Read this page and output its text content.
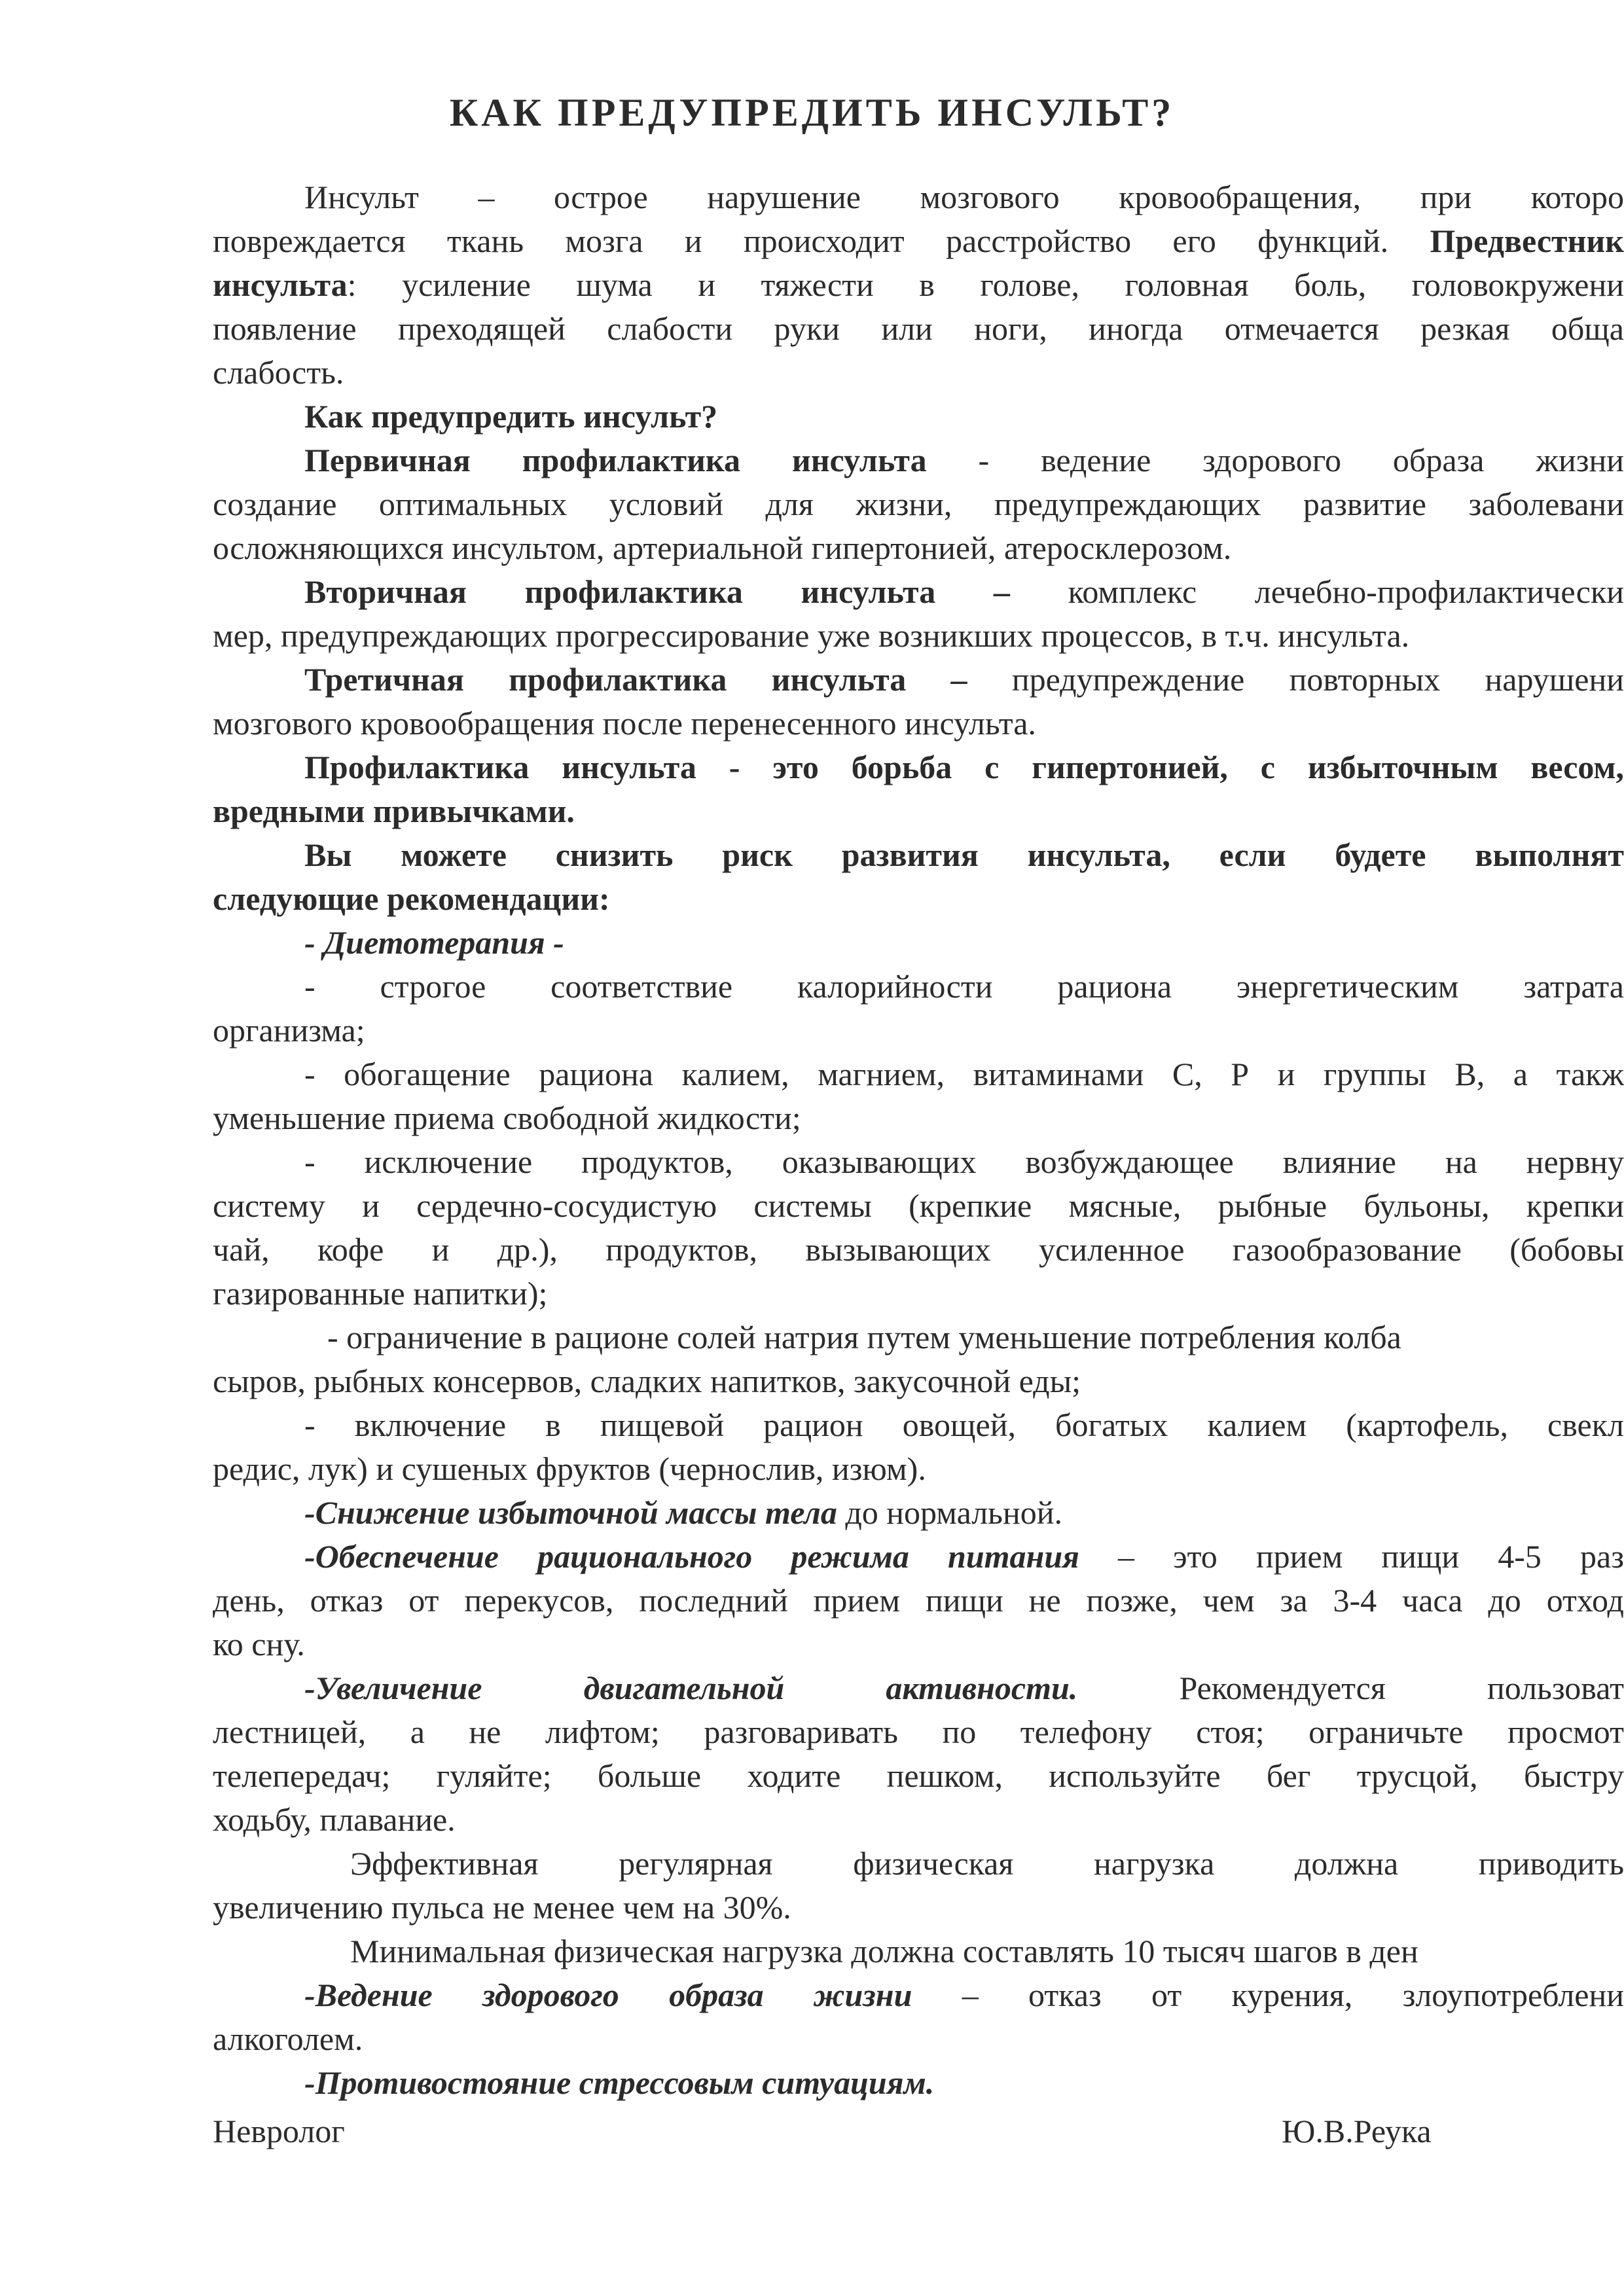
КАК ПРЕДУПРЕДИТЬ ИНСУЛЬТ?
Инсульт – острое нарушение мозгового кровообращения, при которо
повреждается ткань мозга и происходит расстройство его функций. Предвестник
инсульта: усиление шума и тяжести в голове, головная боль, головокружени
появление преходящей слабости руки или ноги, иногда отмечается резкая обща
слабость.
Как предупредить инсульт?
Первичная профилактика инсульта - ведение здорового образа жизни
создание оптимальных условий для жизни, предупреждающих развитие заболевани
осложняющихся инсультом, артериальной гипертонией, атеросклерозом.
Вторичная профилактика инсульта – комплекс лечебно-профилактически
мер, предупреждающих прогрессирование уже возникших процессов, в т.ч. инсульта.
Третичная профилактика инсульта – предупреждение повторных нарушени
мозгового кровообращения после перенесенного инсульта.
Профилактика инсульта - это борьба с гипертонией, с избыточным весом,
вредными привычками.
Вы можете снизить риск развития инсульта, если будете выполнят
следующие рекомендации:
- Диетотерапия -
- строгое соответствие калорийности рациона энергетическим затрата
организма;
- обогащение рациона калием, магнием, витаминами С, Р и группы В, а такж
уменьшение приема свободной жидкости;
- исключение продуктов, оказывающих возбуждающее влияние на нервну
систему и сердечно-сосудистую системы (крепкие мясные, рыбные бульоны, крепки
чай, кофе и др.), продуктов, вызывающих усиленное газообразование (бобовы
газированные напитки);
- ограничение в рационе солей натрия путем уменьшение потребления колба
сыров, рыбных консервов, сладких напитков, закусочной еды;
- включение в пищевой рацион овощей, богатых калием (картофель, свекл
редис, лук) и сушеных фруктов (чернослив, изюм).
-Снижение избыточной массы тела до нормальной.
-Обеспечение рационального режима питания – это прием пищи 4-5 раз
день, отказ от перекусов, последний прием пищи не позже, чем за 3-4 часа до отход
ко сну.
-Увеличение двигательной активности.	Рекомендуется пользоват
лестницей, а не лифтом; разговаривать по телефону стоя; ограничьте просмот
телепередач; гуляйте; больше ходите пешком, используйте бег трусцой, быстру
ходьбу, плавание.
Эффективная регулярная физическая нагрузка должна приводить
увеличению пульса не менее чем на 30%.
Минимальная физическая нагрузка должна составлять 10 тысяч шагов в ден
-Ведение здорового образа жизни – отказ от курения, злоупотреблени
алкоголем.
-Противостояние стрессовым ситуациям.
Невролог	Ю.В.Реука
